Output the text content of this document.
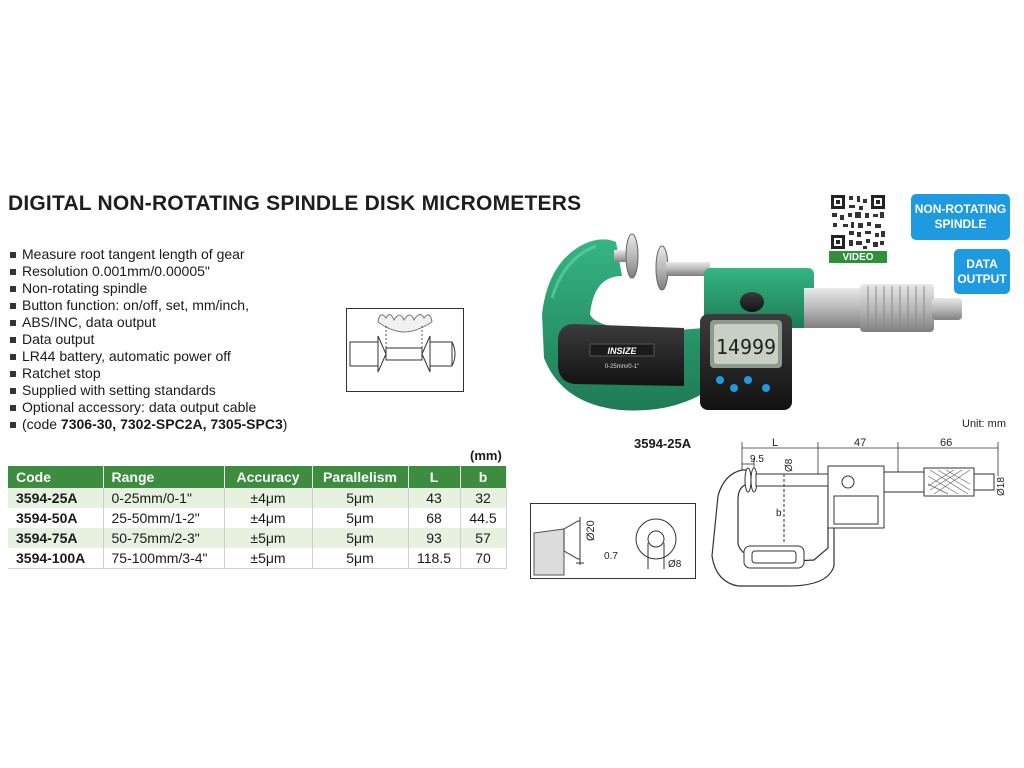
DIGITAL NON-ROTATING SPINDLE DISK MICROMETERS
Measure root tangent length of gear
Resolution 0.001mm/0.00005"
Non-rotating spindle
Button function: on/off, set, mm/inch,
ABS/INC, data output
Data output
LR44 battery, automatic power off
Ratchet stop
Supplied with setting standards
Optional accessory: data output cable
(code 7306-30, 7302-SPC2A, 7305-SPC3)
VIDEO
NON-ROTATING SPINDLE
DATA OUTPUT
INSIZE
0-25mm/0-1"
14999
Unit: mm
3594-25A
(mm)
Code	Range	Accuracy	Parallelism	L	b
3594-25A	0-25mm/0-1"	±4μm	5μm	43	32
3594-50A	25-50mm/1-2"	±4μm	5μm	68	44.5
3594-75A	50-75mm/2-3"	±5μm	5μm	93	57
3594-100A	75-100mm/3-4"	±5μm	5μm	118.5	70
Ø20
0.7
Ø8
L	47	66
9.5 Ø8
Ø18
b
